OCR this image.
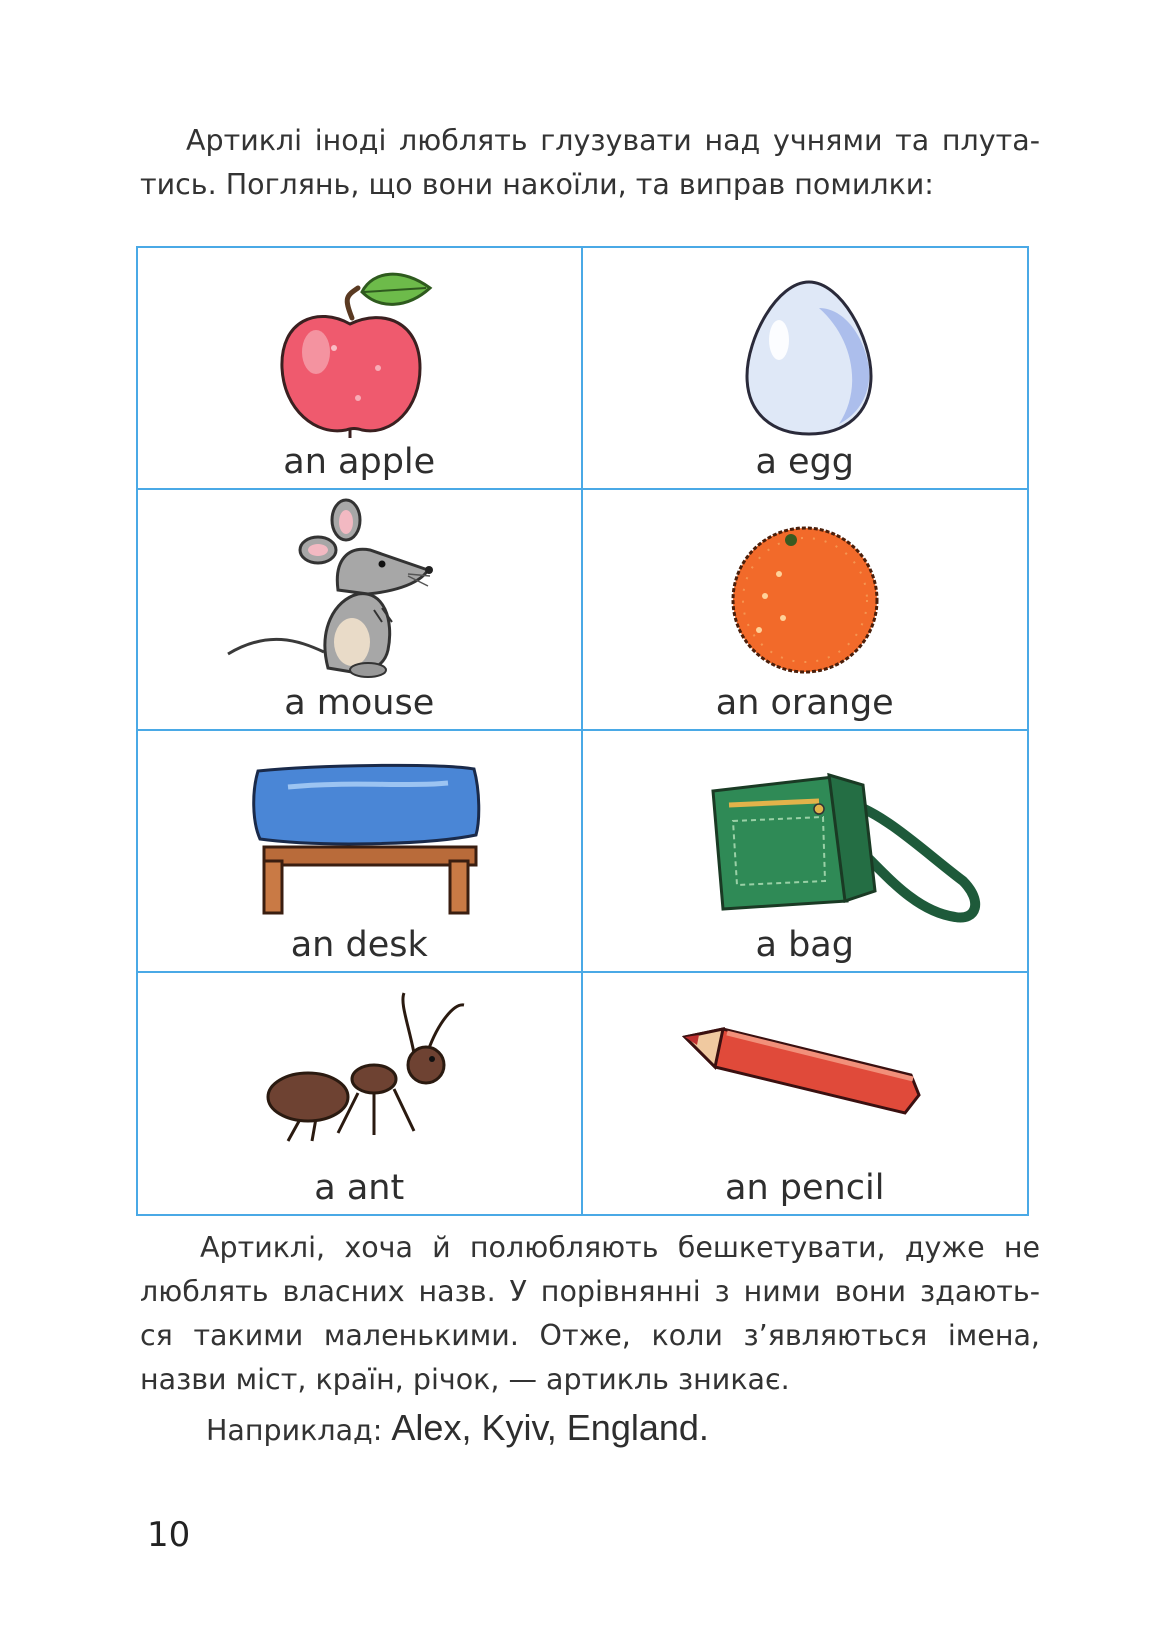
Артиклі іноді люблять глузувати над учнями та плута-
тись. Поглянь, що вони накоїли, та виправ помилки:
an apple	a egg
a mouse	an orange
an desk	a bag
a ant	an pencil
Артиклі, хоча й полюбляють бешкетувати, дуже не
люблять власних назв. У порівнянні з ними вони здають-
ся такими маленькими. Отже, коли з’являються імена,
назви міст, країн, річок, — артикль зникає.
Наприклад: Alex, Kyiv, England.
10
